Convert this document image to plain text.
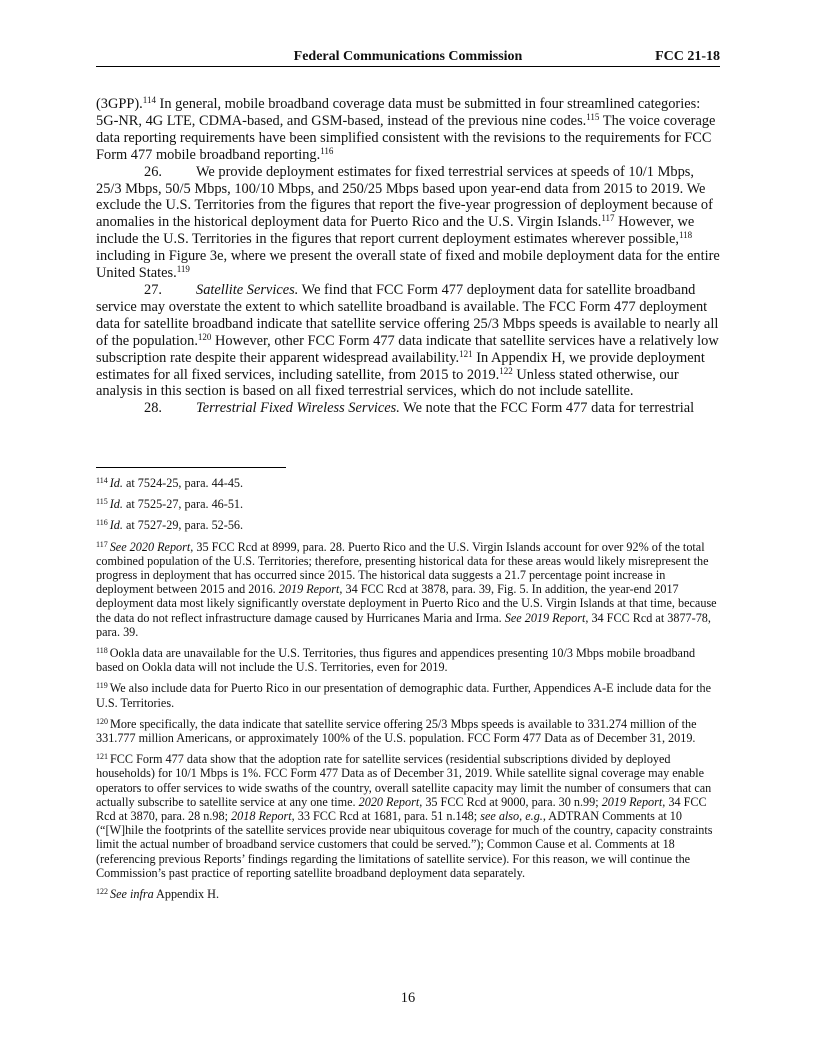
Federal Communications Commission	FCC 21-18

(3GPP).$^{114}$ In general, mobile broadband coverage data must be submitted in four streamlined categories: 5G-NR, 4G LTE, CDMA-based, and GSM-based, instead of the previous nine codes.$^{115}$ The voice coverage data reporting requirements have been simplified consistent with the revisions to the requirements for FCC Form 477 mobile broadband reporting.$^{116}$

26. We provide deployment estimates for fixed terrestrial services at speeds of 10/1 Mbps, 25/3 Mbps, 50/5 Mbps, 100/10 Mbps, and 250/25 Mbps based upon year-end data from 2015 to 2019. We exclude the U.S. Territories from the figures that report the five-year progression of deployment because of anomalies in the historical deployment data for Puerto Rico and the U.S. Virgin Islands.$^{117}$ However, we include the U.S. Territories in the figures that report current deployment estimates wherever possible,$^{118}$ including in Figure 3e, where we present the overall state of fixed and mobile deployment data for the entire United States.$^{119}$

27. Satellite Services. We find that FCC Form 477 deployment data for satellite broadband service may overstate the extent to which satellite broadband is available. The FCC Form 477 deployment data for satellite broadband indicate that satellite service offering 25/3 Mbps speeds is available to nearly all of the population.$^{120}$ However, other FCC Form 477 data indicate that satellite services have a relatively low subscription rate despite their apparent widespread availability.$^{121}$ In Appendix H, we provide deployment estimates for all fixed services, including satellite, from 2015 to 2019.$^{122}$ Unless stated otherwise, our analysis in this section is based on all fixed terrestrial services, which do not include satellite.

28. Terrestrial Fixed Wireless Services. We note that the FCC Form 477 data for terrestrial

$^{114}$ Id. at 7524-25, para. 44-45.

$^{115}$ Id. at 7525-27, para. 46-51.

$^{116}$ Id. at 7527-29, para. 52-56.

$^{117}$ See 2020 Report, 35 FCC Rcd at 8999, para. 28. Puerto Rico and the U.S. Virgin Islands account for over 92% of the total combined population of the U.S. Territories; therefore, presenting historical data for these areas would likely misrepresent the progress in deployment that has occurred since 2015. The historical data suggests a 21.7 percentage point increase in deployment between 2015 and 2016. 2019 Report, 34 FCC Rcd at 3878, para. 39, Fig. 5. In addition, the year-end 2017 deployment data most likely significantly overstate deployment in Puerto Rico and the U.S. Virgin Islands at that time, because the data do not reflect infrastructure damage caused by Hurricanes Maria and Irma. See 2019 Report, 34 FCC Rcd at 3877-78, para. 39.

$^{118}$ Ookla data are unavailable for the U.S. Territories, thus figures and appendices presenting 10/3 Mbps mobile broadband based on Ookla data will not include the U.S. Territories, even for 2019.

$^{119}$ We also include data for Puerto Rico in our presentation of demographic data. Further, Appendices A-E include data for the U.S. Territories.

$^{120}$ More specifically, the data indicate that satellite service offering 25/3 Mbps speeds is available to 331.274 million of the 331.777 million Americans, or approximately 100% of the U.S. population. FCC Form 477 Data as of December 31, 2019.

$^{121}$ FCC Form 477 data show that the adoption rate for satellite services (residential subscriptions divided by deployed households) for 10/1 Mbps is 1%. FCC Form 477 Data as of December 31, 2019. While satellite signal coverage may enable operators to offer services to wide swaths of the country, overall satellite capacity may limit the number of consumers that can actually subscribe to satellite service at any one time. 2020 Report, 35 FCC Rcd at 9000, para. 30 n.99; 2019 Report, 34 FCC Rcd at 3870, para. 28 n.98; 2018 Report, 33 FCC Rcd at 1681, para. 51 n.148; see also, e.g., ADTRAN Comments at 10 (“[W]hile the footprints of the satellite services provide near ubiquitous coverage for much of the country, capacity constraints limit the actual number of broadband service customers that could be served.”); Common Cause et al. Comments at 18 (referencing previous Reports’ findings regarding the limitations of satellite service). For this reason, we will continue the Commission’s past practice of reporting satellite broadband deployment data separately.

$^{122}$ See infra Appendix H.

16
